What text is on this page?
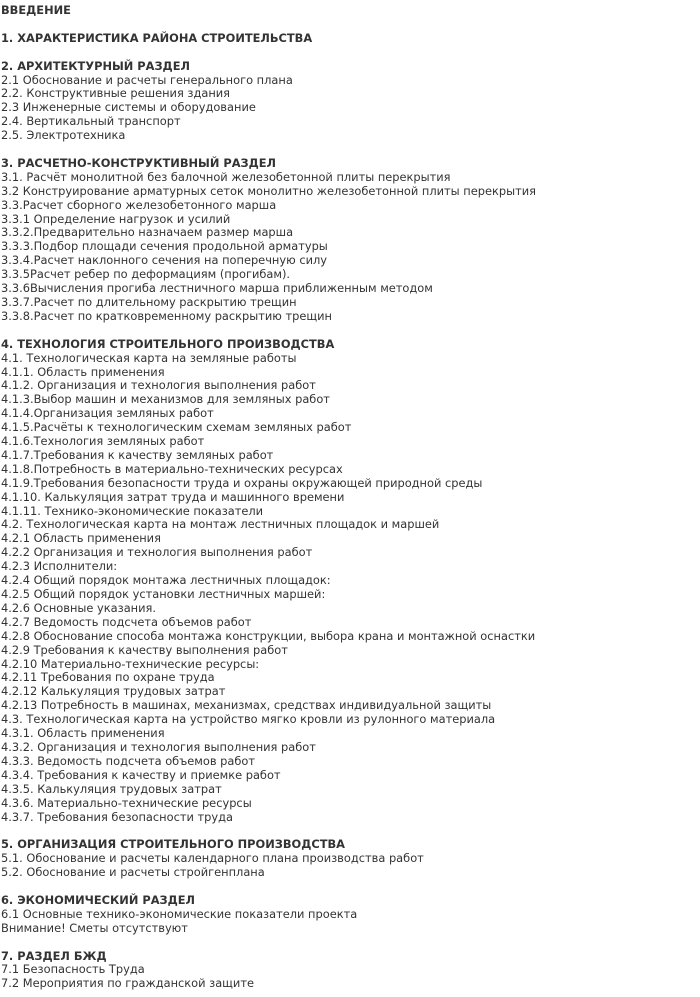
ВВЕДЕНИЕ
1. ХАРАКТЕРИСТИКА РАЙОНА СТРОИТЕЛЬСТВА
2. АРХИТЕКТУРНЫЙ РАЗДЕЛ
2.1 Обоснование и расчеты генерального плана
2.2. Конструктивные решения здания
2.3 Инженерные системы и оборудование
2.4. Вертикальный транспорт
2.5. Электротехника
3. РАСЧЕТНО-КОНСТРУКТИВНЫЙ РАЗДЕЛ
3.1. Расчёт монолитной без балочной железобетонной плиты перекрытия
3.2 Конструирование арматурных сеток монолитно железобетонной плиты перекрытия
3.3.Расчет сборного железобетонного марша
3.3.1 Определение нагрузок и усилий
3.3.2.Предварительно назначаем размер марша
3.3.3.Подбор площади сечения продольной арматуры
3.3.4.Расчет наклонного сечения на поперечную силу
3.3.5Расчет ребер по деформациям (прогибам).
3.3.6Вычисления прогиба лестничного марша приближенным методом
3.3.7.Расчет по длительному раскрытию трещин
3.3.8.Расчет по кратковременному раскрытию трещин
4. ТЕХНОЛОГИЯ СТРОИТЕЛЬНОГО ПРОИЗВОДСТВА
4.1. Технологическая карта на земляные работы
4.1.1. Область применения
4.1.2. Организация и технология выполнения работ
4.1.3.Выбор машин и механизмов для земляных работ
4.1.4.Организация земляных работ
4.1.5.Расчёты к технологическим схемам земляных работ
4.1.6.Технология земляных работ
4.1.7.Требования к качеству земляных работ
4.1.8.Потребность в материально-технических ресурсах
4.1.9.Требования безопасности труда и охраны окружающей природной среды
4.1.10. Калькуляция затрат труда и машинного времени
4.1.11. Технико-экономические показатели
4.2. Технологическая карта на монтаж лестничных площадок и маршей
4.2.1 Область применения
4.2.2 Организация и технология выполнения работ
4.2.3 Исполнители:
4.2.4 Общий порядок монтажа лестничных площадок:
4.2.5 Общий порядок установки лестничных маршей:
4.2.6 Основные указания.
4.2.7 Ведомость подсчета объемов работ
4.2.8 Обоснование способа монтажа конструкции, выбора крана и монтажной оснастки
4.2.9 Требования к качеству выполнения работ
4.2.10 Материально-технические ресурсы:
4.2.11 Требования по охране труда
4.2.12 Калькуляция трудовых затрат
4.2.13 Потребность в машинах, механизмах, средствах индивидуальной защиты
4.3. Технологическая карта на устройство мягко кровли из рулонного материала
4.3.1. Область применения
4.3.2. Организация и технология выполнения работ
4.3.3. Ведомость подсчета объемов работ
4.3.4. Требования к качеству и приемке работ
4.3.5. Калькуляция трудовых затрат
4.3.6. Материально-технические ресурсы
4.3.7. Требования безопасности труда
5. ОРГАНИЗАЦИЯ СТРОИТЕЛЬНОГО ПРОИЗВОДСТВА
5.1. Обоснование и расчеты календарного плана производства работ
5.2. Обоснование и расчеты стройгенплана
6. ЭКОНОМИЧЕСКИЙ РАЗДЕЛ
6.1 Основные технико-экономические показатели проекта
Внимание! Сметы отсутствуют
7. РАЗДЕЛ БЖД
7.1 Безопасность Труда
7.2 Мероприятия по гражданской защите
